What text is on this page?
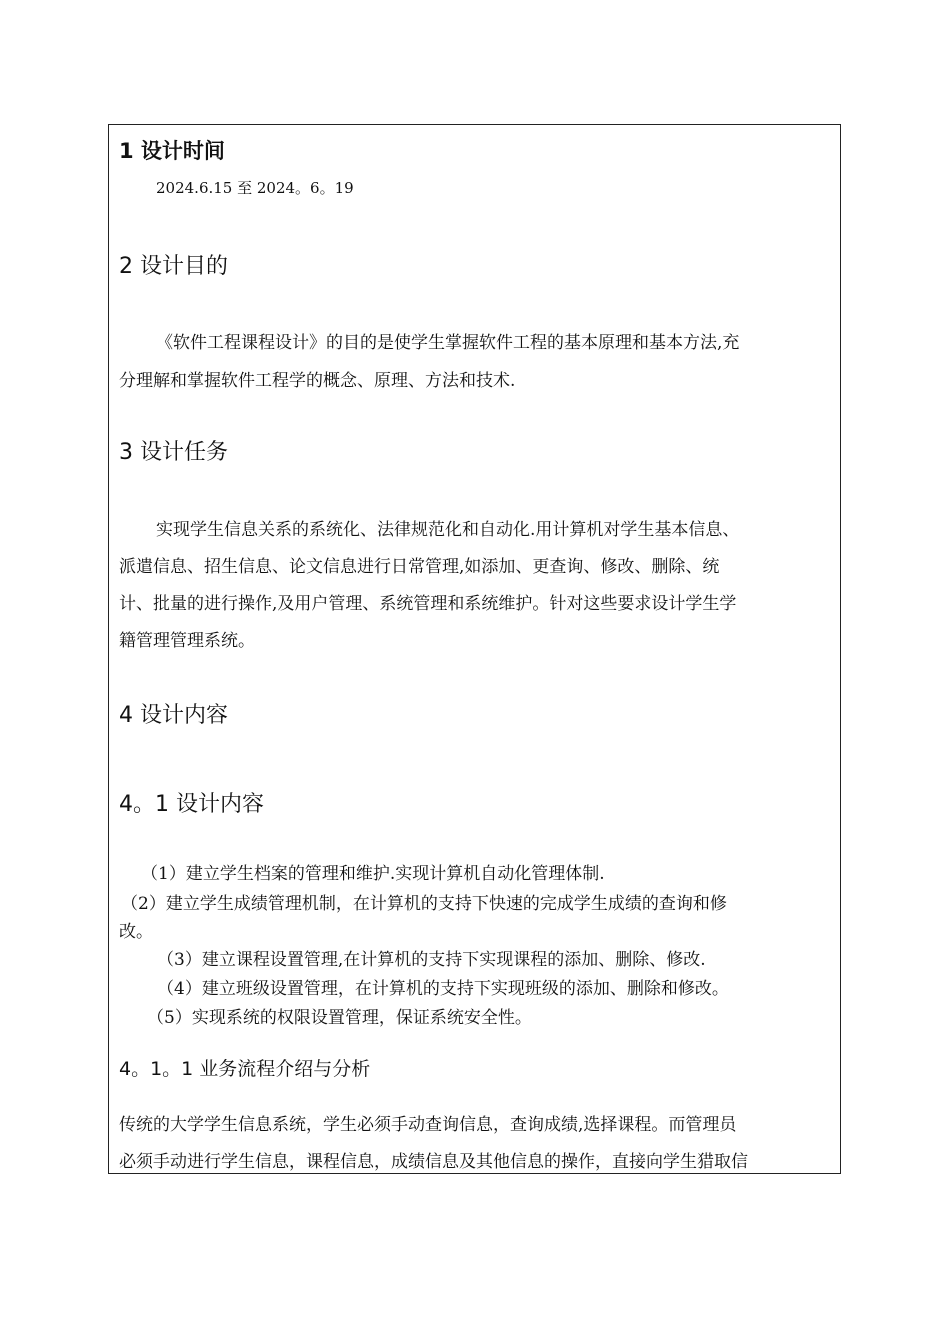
1 设计时间
2024.6.15 至 2024。6。19
2 设计目的
《软件工程课程设计》的目的是使学生掌握软件工程的基本原理和基本方法,充
分理解和掌握软件工程学的概念、原理、方法和技术.
3 设计任务
实现学生信息关系的系统化、法律规范化和自动化.用计算机对学生基本信息、
派遣信息、招生信息、论文信息进行日常管理,如添加、更查询、修改、删除、统
计、批量的进行操作,及用户管理、系统管理和系统维护。针对这些要求设计学生学
籍管理管理系统。
4 设计内容
4。1 设计内容
（1）建立学生档案的管理和维护.实现计算机自动化管理体制.
（2）建立学生成绩管理机制，在计算机的支持下快速的完成学生成绩的查询和修
改。
（3）建立课程设置管理,在计算机的支持下实现课程的添加、删除、修改.
（4）建立班级设置管理，在计算机的支持下实现班级的添加、删除和修改。
（5）实现系统的权限设置管理，保证系统安全性。
4。1。1 业务流程介绍与分析
传统的大学学生信息系统，学生必须手动查询信息，查询成绩,选择课程。而管理员
必须手动进行学生信息，课程信息，成绩信息及其他信息的操作，直接向学生猎取信
